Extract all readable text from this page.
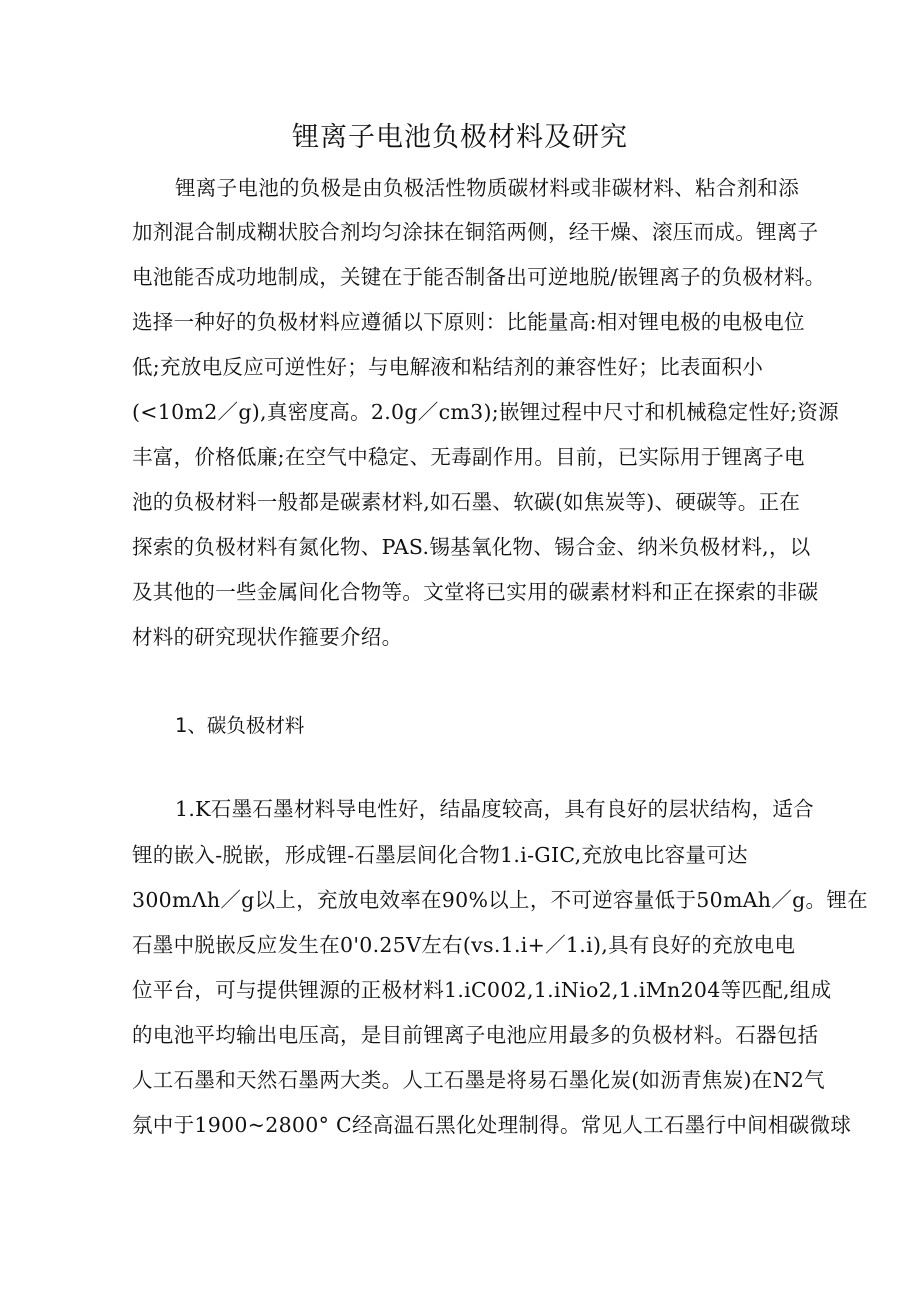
锂离子电池负极材料及研究
锂离子电池的负极是由负极活性物质碳材料或非碳材料、粘合剂和添
加剂混合制成糊状胶合剂均匀涂抹在铜箔两侧，经干燥、滚压而成。锂离子
电池能否成功地制成，关键在于能否制备出可逆地脱/嵌锂离子的负极材料。
选择一种好的负极材料应遵循以下原则：比能量高:相对锂电极的电极电位
低;充放电反应可逆性好；与电解液和粘结剂的兼容性好；比表面积小
(<10m2／g),真密度高。2.0g／cm3);嵌锂过程中尺寸和机械稳定性好;资源
丰富，价格低廉;在空气中稳定、无毒副作用。目前，已实际用于锂离子电
池的负极材料一般都是碳素材料,如石墨、软碳(如焦炭等)、硬碳等。正在
探索的负极材料有氮化物、PAS.锡基氧化物、锡合金、纳米负极材料,，以
及其他的一些金属间化合物等。文堂将已实用的碳素材料和正在探索的非碳
材料的研究现状作箍要介绍。
1、碳负极材料
1.K石墨石墨材料导电性好，结晶度较高，具有良好的层状结构，适合
锂的嵌入-脱嵌，形成锂-石墨层间化合物1.i-GIC,充放电比容量可达
300mΛh／g以上，充放电效率在90%以上，不可逆容量低于50mAh／g。锂在
石墨中脱嵌反应发生在0'0.25V左右(vs.1.i+／1.i),具有良好的充放电电
位平台，可与提供锂源的正极材料1.iC002,1.iNio2,1.iMn204等匹配,组成
的电池平均输出电压高，是目前锂离子电池应用最多的负极材料。石器包括
人工石墨和天然石墨两大类。人工石墨是将易石墨化炭(如沥青焦炭)在N2气
氛中于1900~2800° C经高温石黑化处理制得。常见人工石墨行中间相碳微球
